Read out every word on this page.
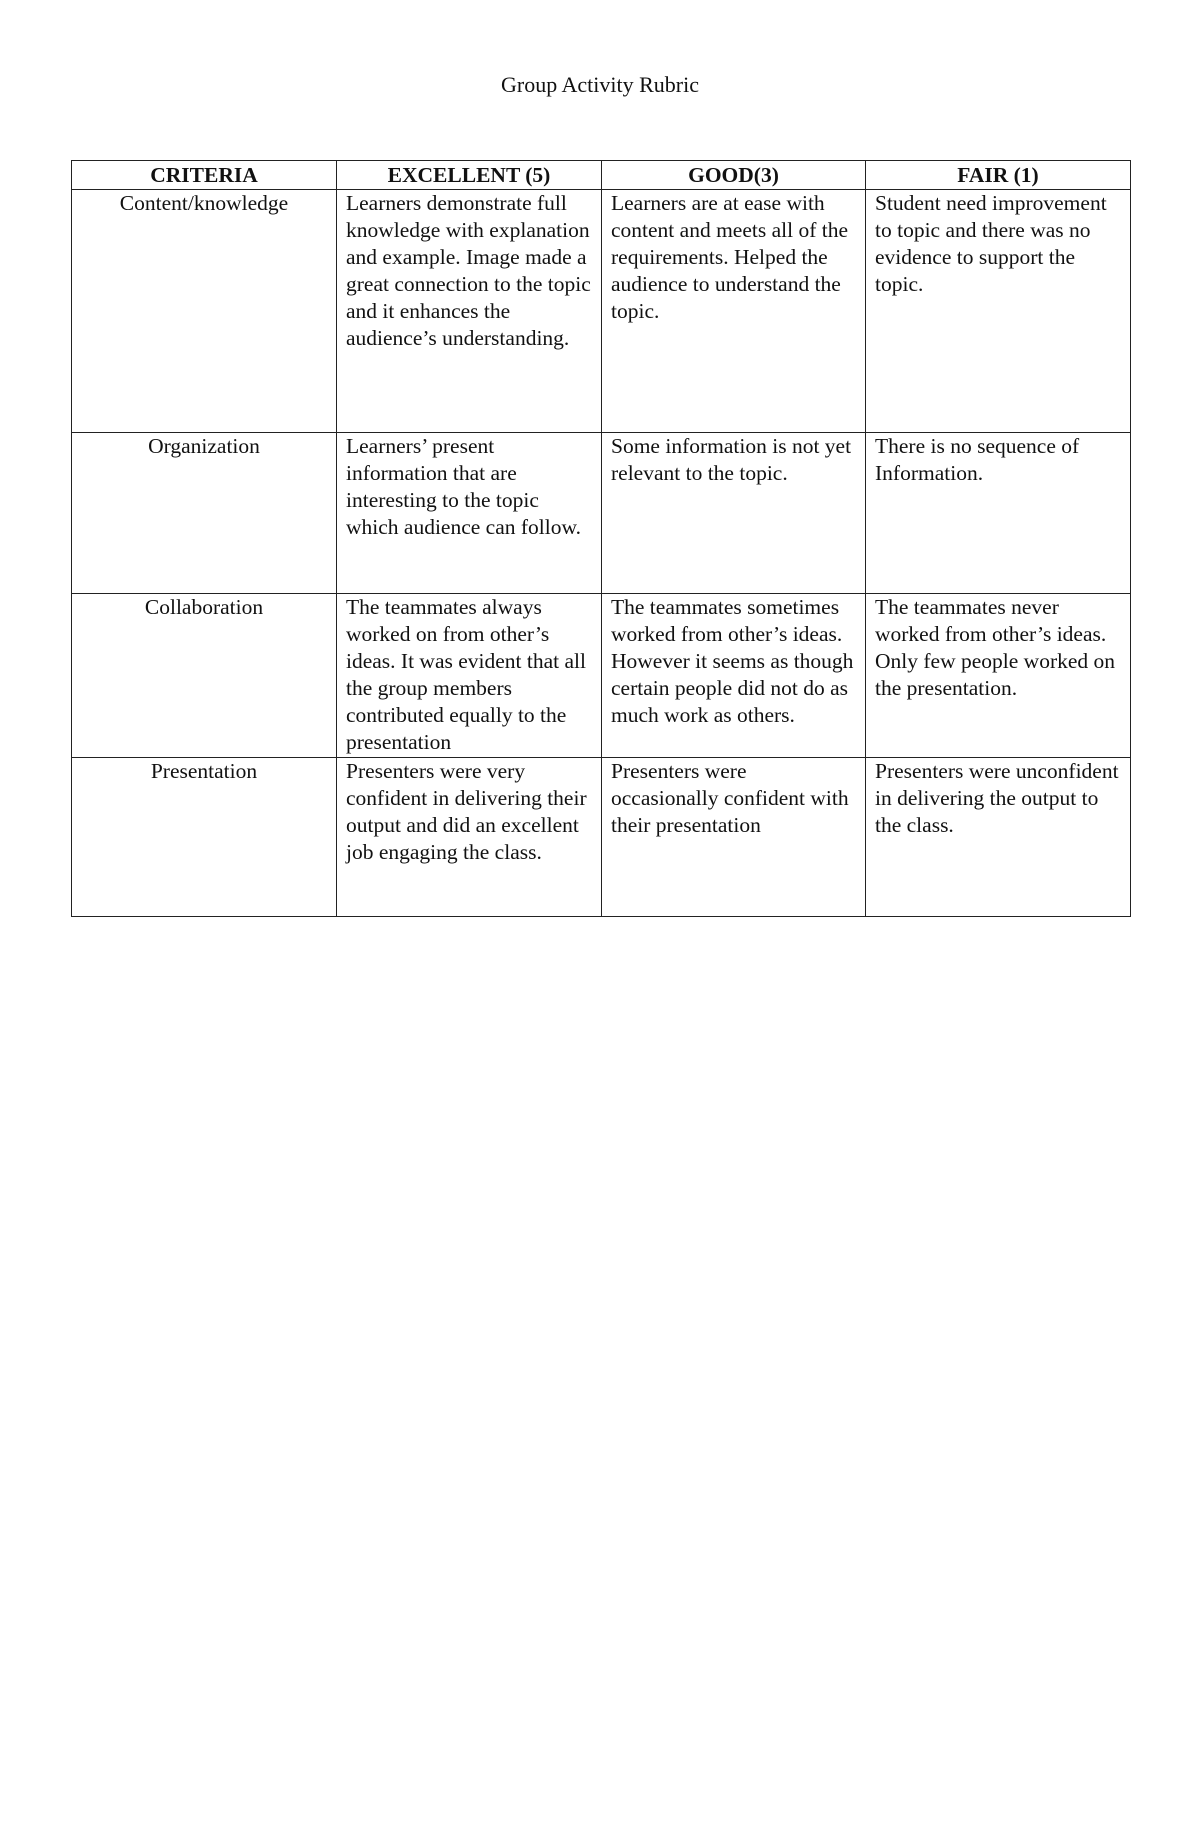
Group Activity Rubric
CRITERIA	EXCELLENT (5)	GOOD(3)	FAIR (1)
Content/knowledge	Learners demonstrate full knowledge with explanation and example. Image made a great connection to the topic and it enhances the audience’s understanding.	Learners are at ease with content and meets all of the requirements. Helped the audience to understand the topic.	Student need improvement to topic and there was no evidence to support the topic.
Organization	Learners’ present information that are interesting to the topic which audience can follow.	Some information is not yet relevant to the topic.	There is no sequence of Information.
Collaboration	The teammates always worked on from other’s ideas. It was evident that all the group members contributed equally to the presentation	The teammates sometimes worked from other’s ideas. However it seems as though certain people did not do as much work as others.	The teammates never worked from other’s ideas. Only few people worked on the presentation.
Presentation	Presenters were very confident in delivering their output and did an excellent job engaging the class.	Presenters were occasionally confident with their presentation	Presenters were unconfident in delivering the output to the class.
